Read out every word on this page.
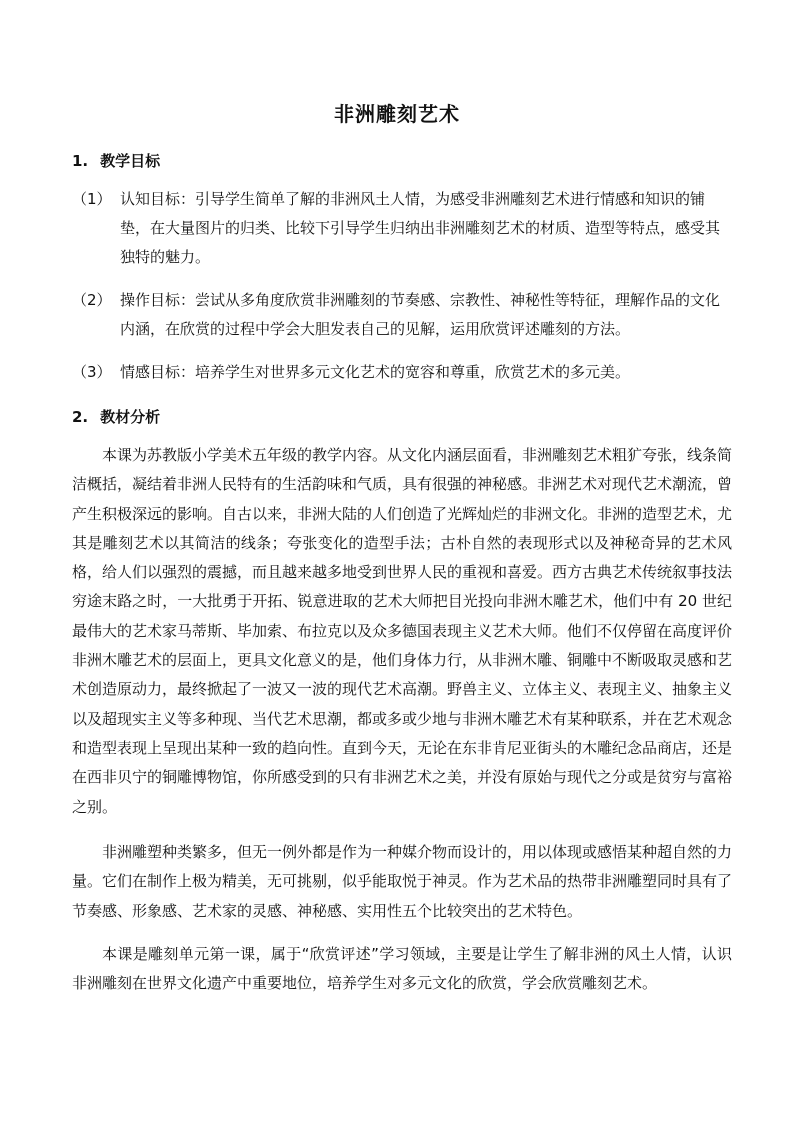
非洲雕刻艺术
1. 教学目标
（1） 认知目标：引导学生简单了解的非洲风土人情，为感受非洲雕刻艺术进行情感和知识的铺垫，在大量图片的归类、比较下引导学生归纳出非洲雕刻艺术的材质、造型等特点，感受其独特的魅力。
（2） 操作目标：尝试从多角度欣赏非洲雕刻的节奏感、宗教性、神秘性等特征，理解作品的文化内涵，在欣赏的过程中学会大胆发表自己的见解，运用欣赏评述雕刻的方法。
（3） 情感目标：培养学生对世界多元文化艺术的宽容和尊重，欣赏艺术的多元美。
2. 教材分析

本课为苏教版小学美术五年级的教学内容。从文化内涵层面看，非洲雕刻艺术粗犷夸张，线条简洁概括，凝结着非洲人民特有的生活韵味和气质，具有很强的神秘感。非洲艺术对现代艺术潮流，曾产生积极深远的影响。自古以来，非洲大陆的人们创造了光辉灿烂的非洲文化。非洲的造型艺术，尤其是雕刻艺术以其简洁的线条；夸张变化的造型手法；古朴自然的表现形式以及神秘奇异的艺术风格，给人们以强烈的震撼，而且越来越多地受到世界人民的重视和喜爱。西方古典艺术传统叙事技法穷途末路之时，一大批勇于开拓、锐意进取的艺术大师把目光投向非洲木雕艺术，他们中有 20 世纪最伟大的艺术家马蒂斯、毕加索、布拉克以及众多德国表现主义艺术大师。他们不仅停留在高度评价非洲木雕艺术的层面上，更具文化意义的是，他们身体力行，从非洲木雕、铜雕中不断吸取灵感和艺术创造原动力，最终掀起了一波又一波的现代艺术高潮。野兽主义、立体主义、表现主义、抽象主义以及超现实主义等多种现、当代艺术思潮，都或多或少地与非洲木雕艺术有某种联系，并在艺术观念和造型表现上呈现出某种一致的趋向性。直到今天，无论在东非肯尼亚街头的木雕纪念品商店，还是在西非贝宁的铜雕博物馆，你所感受到的只有非洲艺术之美，并没有原始与现代之分或是贫穷与富裕之别。

非洲雕塑种类繁多，但无一例外都是作为一种媒介物而设计的，用以体现或感悟某种超自然的力量。它们在制作上极为精美，无可挑剔，似乎能取悦于神灵。作为艺术品的热带非洲雕塑同时具有了节奏感、形象感、艺术家的灵感、神秘感、实用性五个比较突出的艺术特色。

本课是雕刻单元第一课，属于“欣赏评述”学习领域，主要是让学生了解非洲的风土人情，认识非洲雕刻在世界文化遗产中重要地位，培养学生对多元文化的欣赏，学会欣赏雕刻艺术。
